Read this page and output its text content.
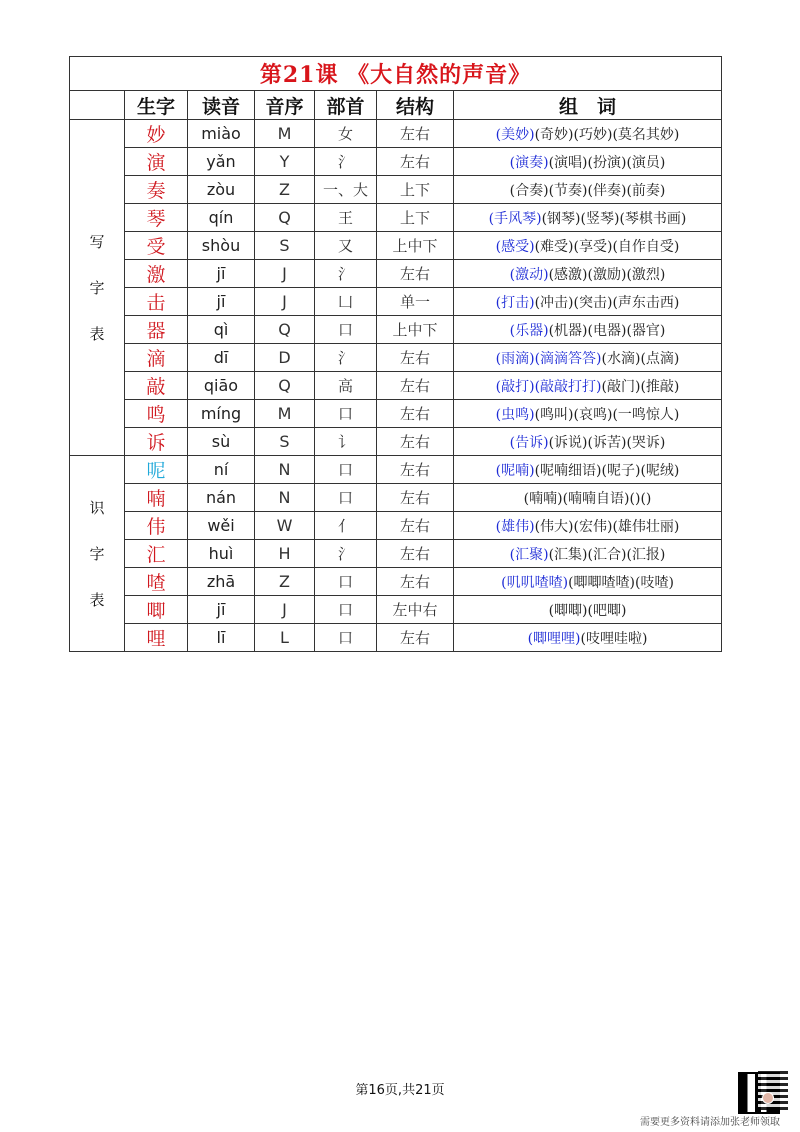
第21课 《大自然的声音》						
	生字	读音	音序	部首	结构	组　词

写
字
表	妙	miào	M	女	左右	(美妙)(奇妙)(巧妙)(莫名其妙)
	演	yǎn	Y	氵	左右	(演奏)(演唱)(扮演)(演员)
	奏	zòu	Z	一、大	上下	(合奏)(节奏)(伴奏)(前奏)
	琴	qín	Q	王	上下	(手风琴)(钢琴)(竖琴)(琴棋书画)
	受	shòu	S	又	上中下	(感受)(难受)(享受)(自作自受)
	激	jī	J	氵	左右	(激动)(感激)(激励)(激烈)
	击	jī	J	凵	单一	(打击)(冲击)(突击)(声东击西)
	器	qì	Q	口	上中下	(乐器)(机器)(电器)(器官)
	滴	dī	D	氵	左右	(雨滴)(滴滴答答)(水滴)(点滴)
	敲	qiāo	Q	高	左右	(敲打)(敲敲打打)(敲门)(推敲)
	鸣	míng	M	口	左右	(虫鸣)(鸣叫)(哀鸣)(一鸣惊人)
	诉	sù	S	讠	左右	(告诉)(诉说)(诉苦)(哭诉)

识
字
表	呢	ní	N	口	左右	(呢喃)(呢喃细语)(呢子)(呢绒)
	喃	nán	N	口	左右	(喃喃)(喃喃自语)()()
	伟	wěi	W	亻	左右	(雄伟)(伟大)(宏伟)(雄伟壮丽)
	汇	huì	H	氵	左右	(汇聚)(汇集)(汇合)(汇报)
	喳	zhā	Z	口	左右	(叽叽喳喳)(唧唧喳喳)(吱喳)
	唧	jī	J	口	左中右	(唧唧)(吧唧)
	哩	lī	L	口	左右	(唧哩哩)(吱哩哇啦)
第16页,共21页
需要更多资料请添加张老师领取
